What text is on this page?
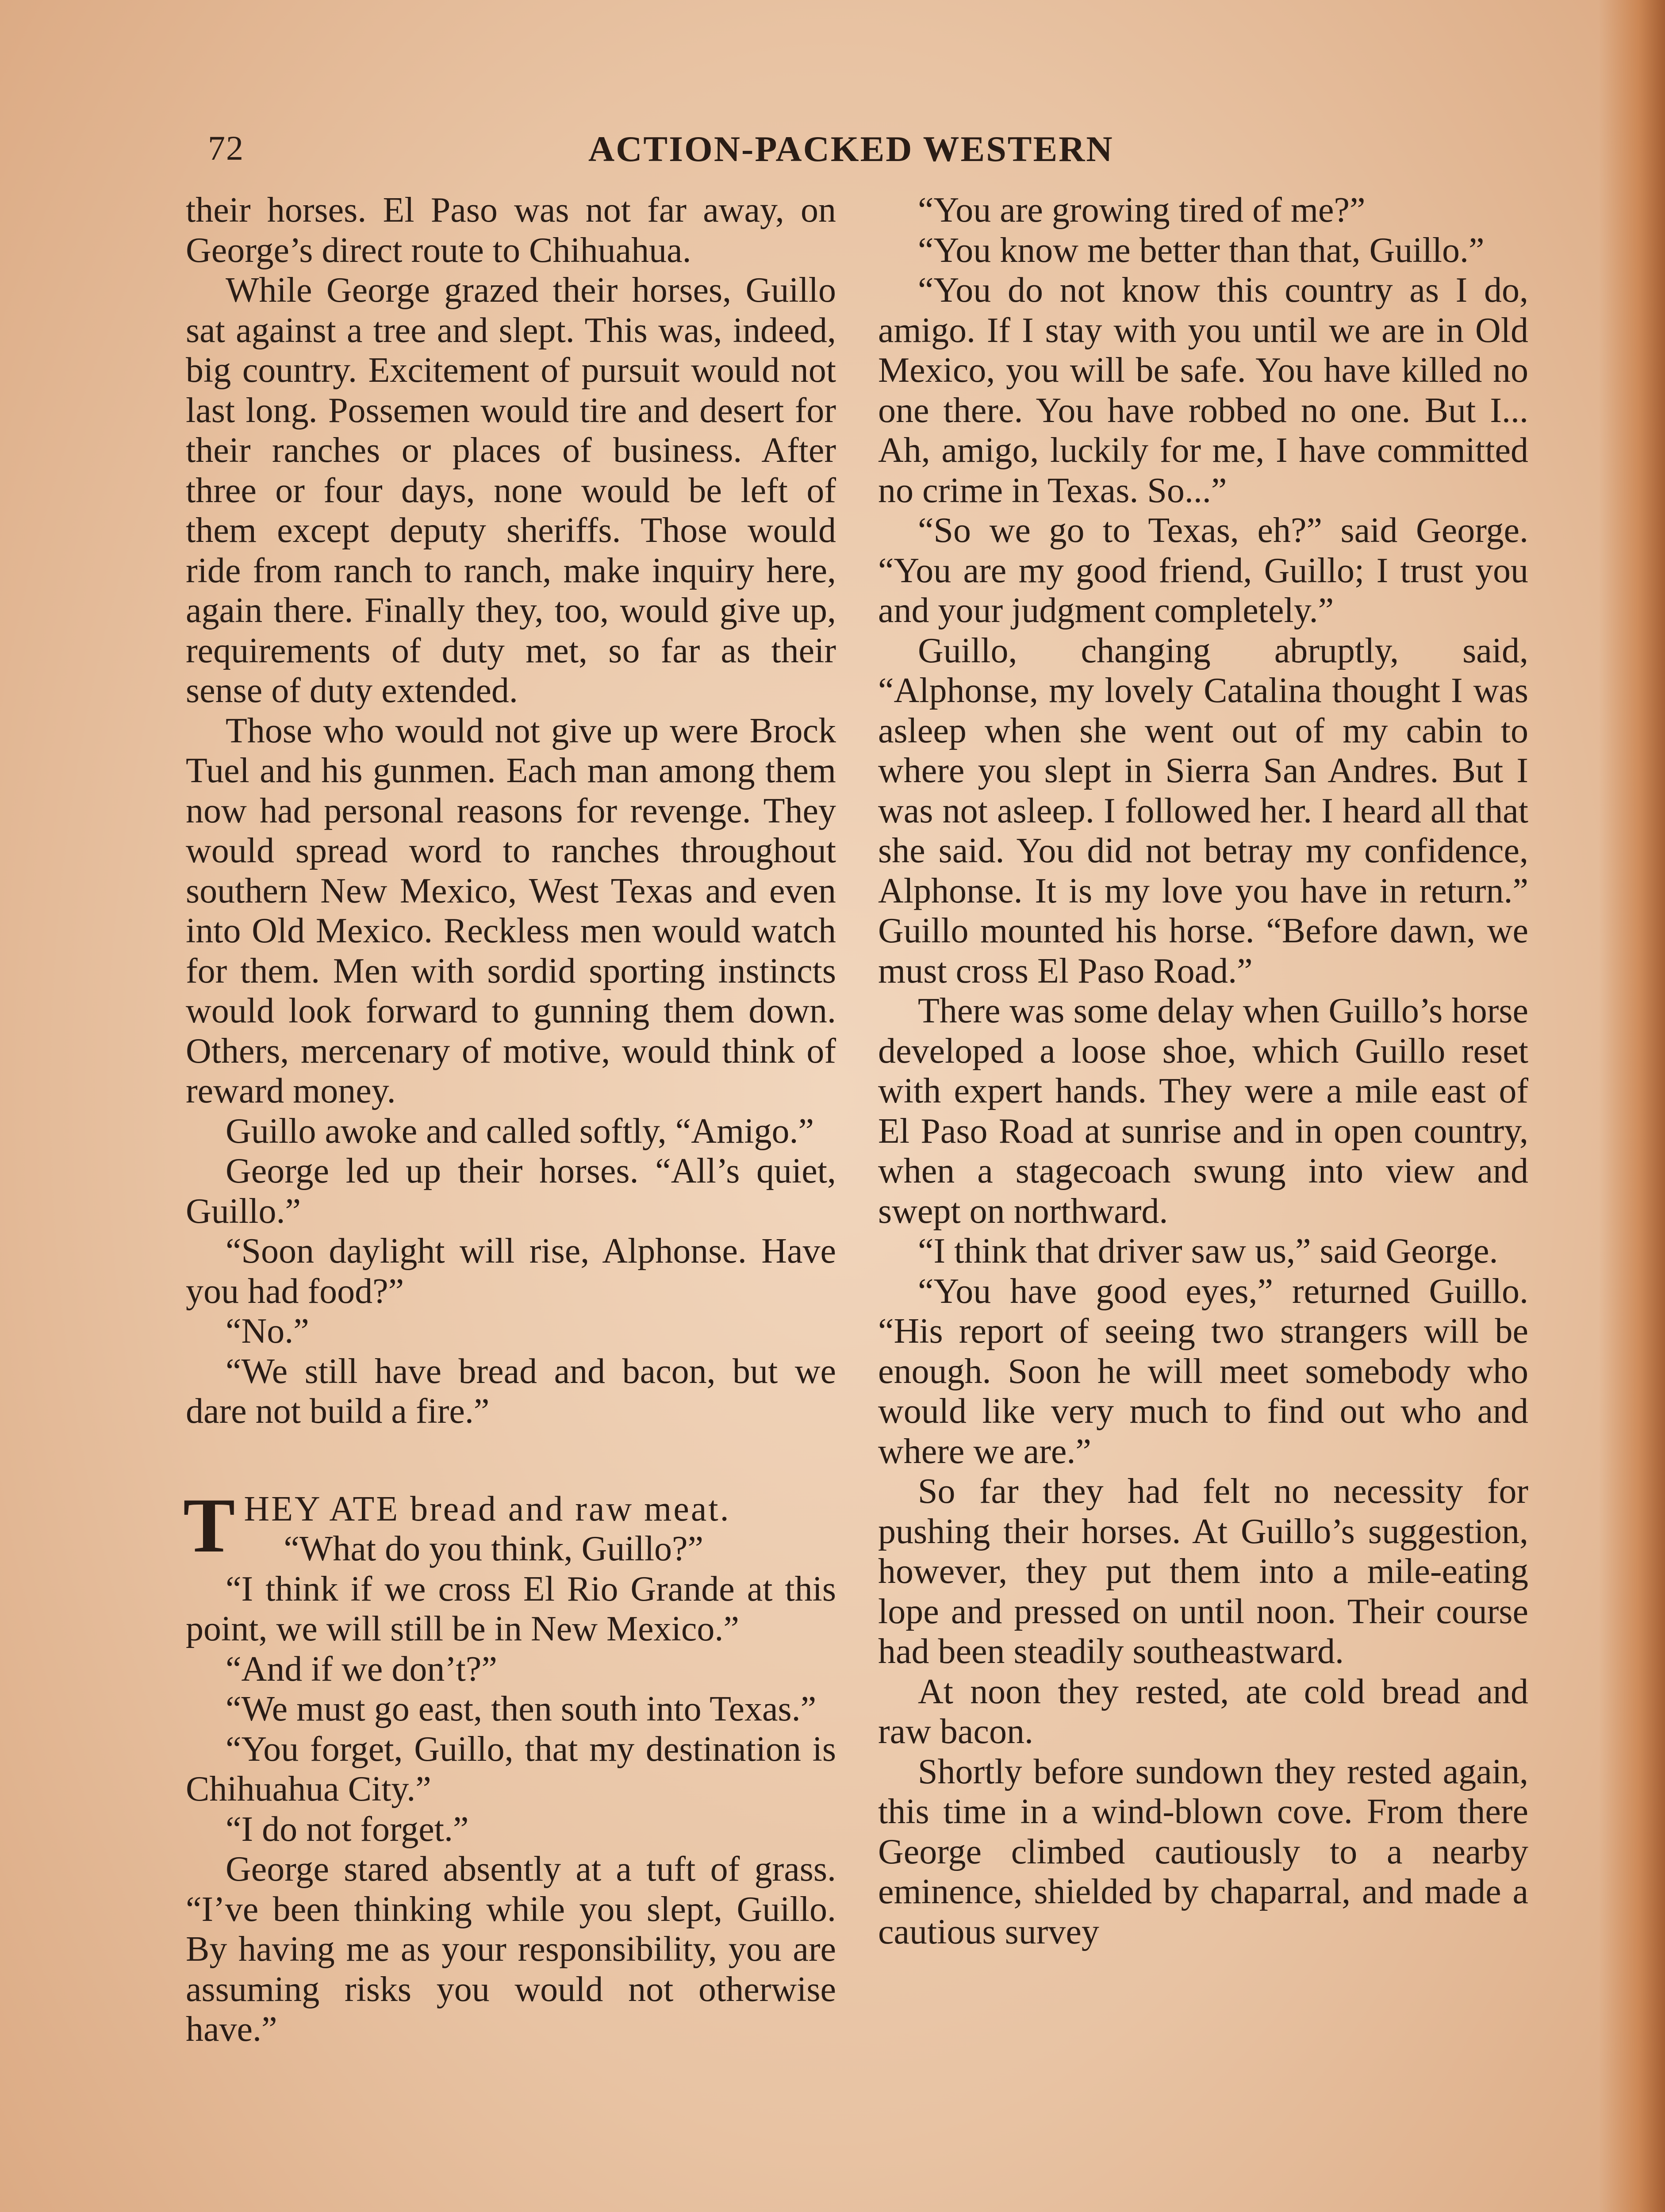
72	ACTION-PACKED WESTERN

their horses. El Paso was not far away, on George’s direct route to Chihuahua.

While George grazed their horses, Guillo sat against a tree and slept. This was, indeed, big country. Excitement of pursuit would not last long. Possemen would tire and desert for their ranches or places of business. After three or four days, none would be left of them except deputy sheriffs. Those would ride from ranch to ranch, make inquiry here, again there. Finally they, too, would give up, requirements of duty met, so far as their sense of duty extended.

Those who would not give up were Brock Tuel and his gunmen. Each man among them now had personal reasons for revenge. They would spread word to ranches throughout southern New Mexico, West Texas and even into Old Mexico. Reckless men would watch for them. Men with sordid sporting instincts would look forward to gunning them down. Others, mercenary of motive, would think of reward money.

Guillo awoke and called softly, “Amigo.”

George led up their horses. “All’s quiet, Guillo.”

“Soon daylight will rise, Alphonse. Have you had food?”

“No.”

“We still have bread and bacon, but we dare not build a fire.”

THEY ATE bread and raw meat.

“What do you think, Guillo?”

“I think if we cross El Rio Grande at this point, we will still be in New Mexico.”

“And if we don’t?”

“We must go east, then south into Texas.”

“You forget, Guillo, that my destination is Chihuahua City.”

“I do not forget.”

George stared absently at a tuft of grass. “I’ve been thinking while you slept, Guillo. By having me as your responsibility, you are assuming risks you would not otherwise have.”

“You are growing tired of me?”

“You know me better than that, Guillo.”

“You do not know this country as I do, amigo. If I stay with you until we are in Old Mexico, you will be safe. You have killed no one there. You have robbed no one. But I... Ah, amigo, luckily for me, I have committed no crime in Texas. So...”

“So we go to Texas, eh?” said George. “You are my good friend, Guillo; I trust you and your judgment completely.”

Guillo, changing abruptly, said, “Alphonse, my lovely Catalina thought I was asleep when she went out of my cabin to where you slept in Sierra San Andres. But I was not asleep. I followed her. I heard all that she said. You did not betray my confidence, Alphonse. It is my love you have in return.” Guillo mounted his horse. “Before dawn, we must cross El Paso Road.”

There was some delay when Guillo’s horse developed a loose shoe, which Guillo reset with expert hands. They were a mile east of El Paso Road at sunrise and in open country, when a stagecoach swung into view and swept on northward.

“I think that driver saw us,” said George.

“You have good eyes,” returned Guillo. “His report of seeing two strangers will be enough. Soon he will meet somebody who would like very much to find out who and where we are.”

So far they had felt no necessity for pushing their horses. At Guillo’s suggestion, however, they put them into a mile-eating lope and pressed on until noon. Their course had been steadily southeastward.

At noon they rested, ate cold bread and raw bacon.

Shortly before sundown they rested again, this time in a wind-blown cove. From there George climbed cautiously to a nearby eminence, shielded by chaparral, and made a cautious survey
